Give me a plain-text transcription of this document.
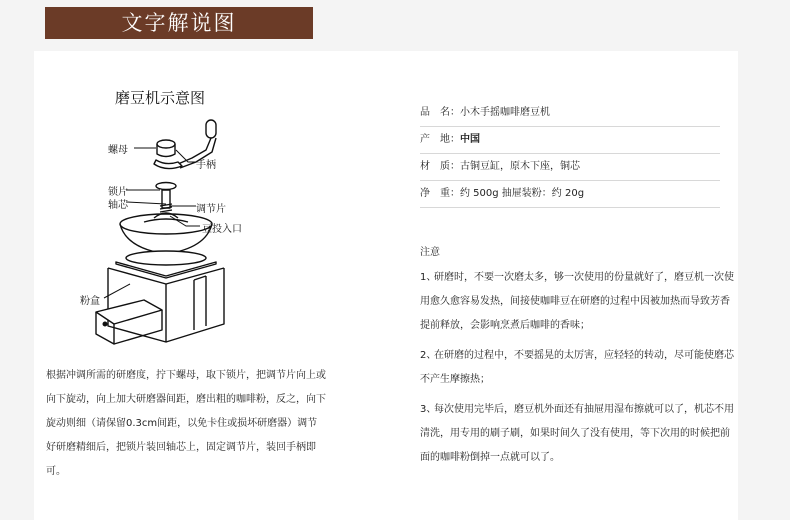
文字解说图
磨豆机示意图
螺母
手柄
锁片
轴芯	调节片
豆投入口
粉盒

根据冲调所需的研磨度，拧下螺母，取下锁片，把调节片向上或向下旋动，向上加大研磨器间距，磨出粗的咖啡粉，反之，向下旋动则细（请保留0.3cm间距，以免卡住或损坏研磨器）调节好研磨精细后，把锁片装回轴芯上，固定调节片，装回手柄即可。

品　名：小木手摇咖啡磨豆机
产　地：中国
材　质：古铜豆缸，原木下座，铜芯
净　重：约 500g 抽屉装粉：约 20g
注意
1、研磨时，不要一次磨太多，够一次使用的份量就好了，磨豆机一次使用愈久愈容易发热，间接使咖啡豆在研磨的过程中因被加热而导致芳香提前释放，会影响烹煮后咖啡的香味；
2、在研磨的过程中，不要摇晃的太厉害，应轻轻的转动，尽可能使磨芯不产生摩擦热；
3、每次使用完毕后，磨豆机外面还有抽屉用湿布擦就可以了，机芯不用清洗，用专用的刷子刷，如果时间久了没有使用，等下次用的时候把前面的咖啡粉倒掉一点就可以了。
